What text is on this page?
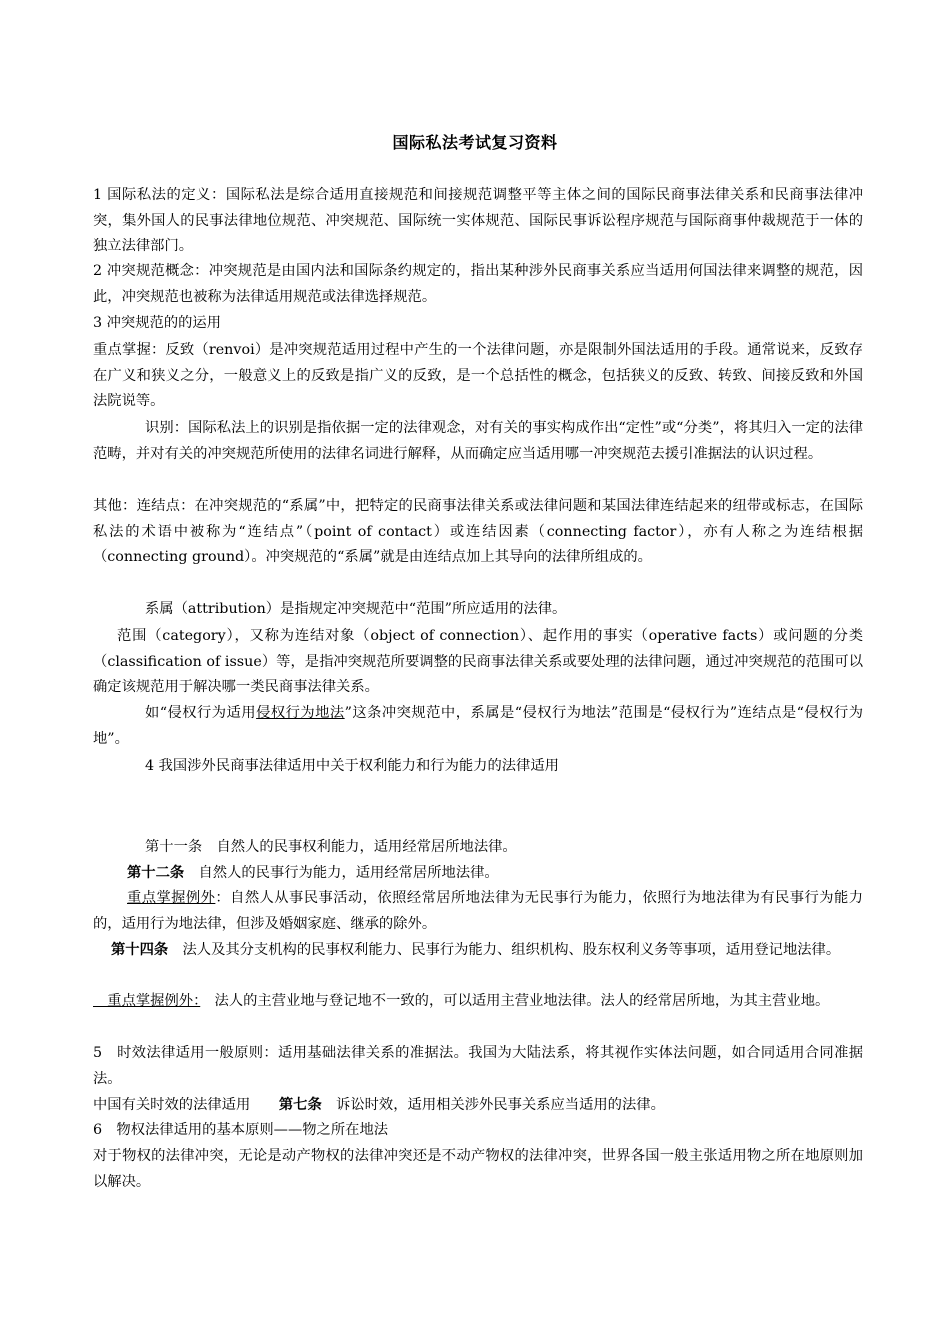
国际私法考试复习资料

1 国际私法的定义：国际私法是综合适用直接规范和间接规范调整平等主体之间的国际民商事法律关系和民商事法律冲突，集外国人的民事法律地位规范、冲突规范、国际统一实体规范、国际民事诉讼程序规范与国际商事仲裁规范于一体的独立法律部门。

2 冲突规范概念：冲突规范是由国内法和国际条约规定的，指出某种涉外民商事关系应当适用何国法律来调整的规范，因此，冲突规范也被称为法律适用规范或法律选择规范。

3 冲突规范的的运用

重点掌握：反致（renvoi）是冲突规范适用过程中产生的一个法律问题，亦是限制外国法适用的手段。通常说来，反致存在广义和狭义之分，一般意义上的反致是指广义的反致，是一个总括性的概念，包括狭义的反致、转致、间接反致和外国法院说等。

识别：国际私法上的识别是指依据一定的法律观念，对有关的事实构成作出“定性”或“分类”，将其归入一定的法律范畴，并对有关的冲突规范所使用的法律名词进行解释，从而确定应当适用哪一冲突规范去援引准据法的认识过程。

其他：连结点：在冲突规范的“系属”中，把特定的民商事法律关系或法律问题和某国法律连结起来的纽带或标志，在国际私法的术语中被称为“连结点”（point of contact）或连结因素（connecting factor），亦有人称之为连结根据（connecting ground）。冲突规范的“系属”就是由连结点加上其导向的法律所组成的。

系属（attribution）是指规定冲突规范中“范围”所应适用的法律。

范围（category），又称为连结对象（object of connection）、起作用的事实（operative facts）或问题的分类（classification of issue）等，是指冲突规范所要调整的民商事法律关系或要处理的法律问题，通过冲突规范的范围可以确定该规范用于解决哪一类民商事法律关系。

如“侵权行为适用侵权行为地法”这条冲突规范中，系属是“侵权行为地法”范围是“侵权行为”连结点是“侵权行为地”。

4 我国涉外民商事法律适用中关于权利能力和行为能力的法律适用

第十一条　自然人的民事权利能力，适用经常居所地法律。

第十二条　自然人的民事行为能力，适用经常居所地法律。

重点掌握例外：自然人从事民事活动，依照经常居所地法律为无民事行为能力，依照行为地法律为有民事行为能力的，适用行为地法律，但涉及婚姻家庭、继承的除外。

第十四条　法人及其分支机构的民事权利能力、民事行为能力、组织机构、股东权利义务等事项，适用登记地法律。

　重点掌握例外：　法人的主营业地与登记地不一致的，可以适用主营业地法律。法人的经常居所地，为其主营业地。

5　时效法律适用一般原则：适用基础法律关系的准据法。我国为大陆法系，将其视作实体法问题，如合同适用合同准据法。

中国有关时效的法律适用　　第七条　诉讼时效，适用相关涉外民事关系应当适用的法律。

6　物权法律适用的基本原则——物之所在地法

对于物权的法律冲突，无论是动产物权的法律冲突还是不动产物权的法律冲突，世界各国一般主张适用物之所在地原则加以解决。
